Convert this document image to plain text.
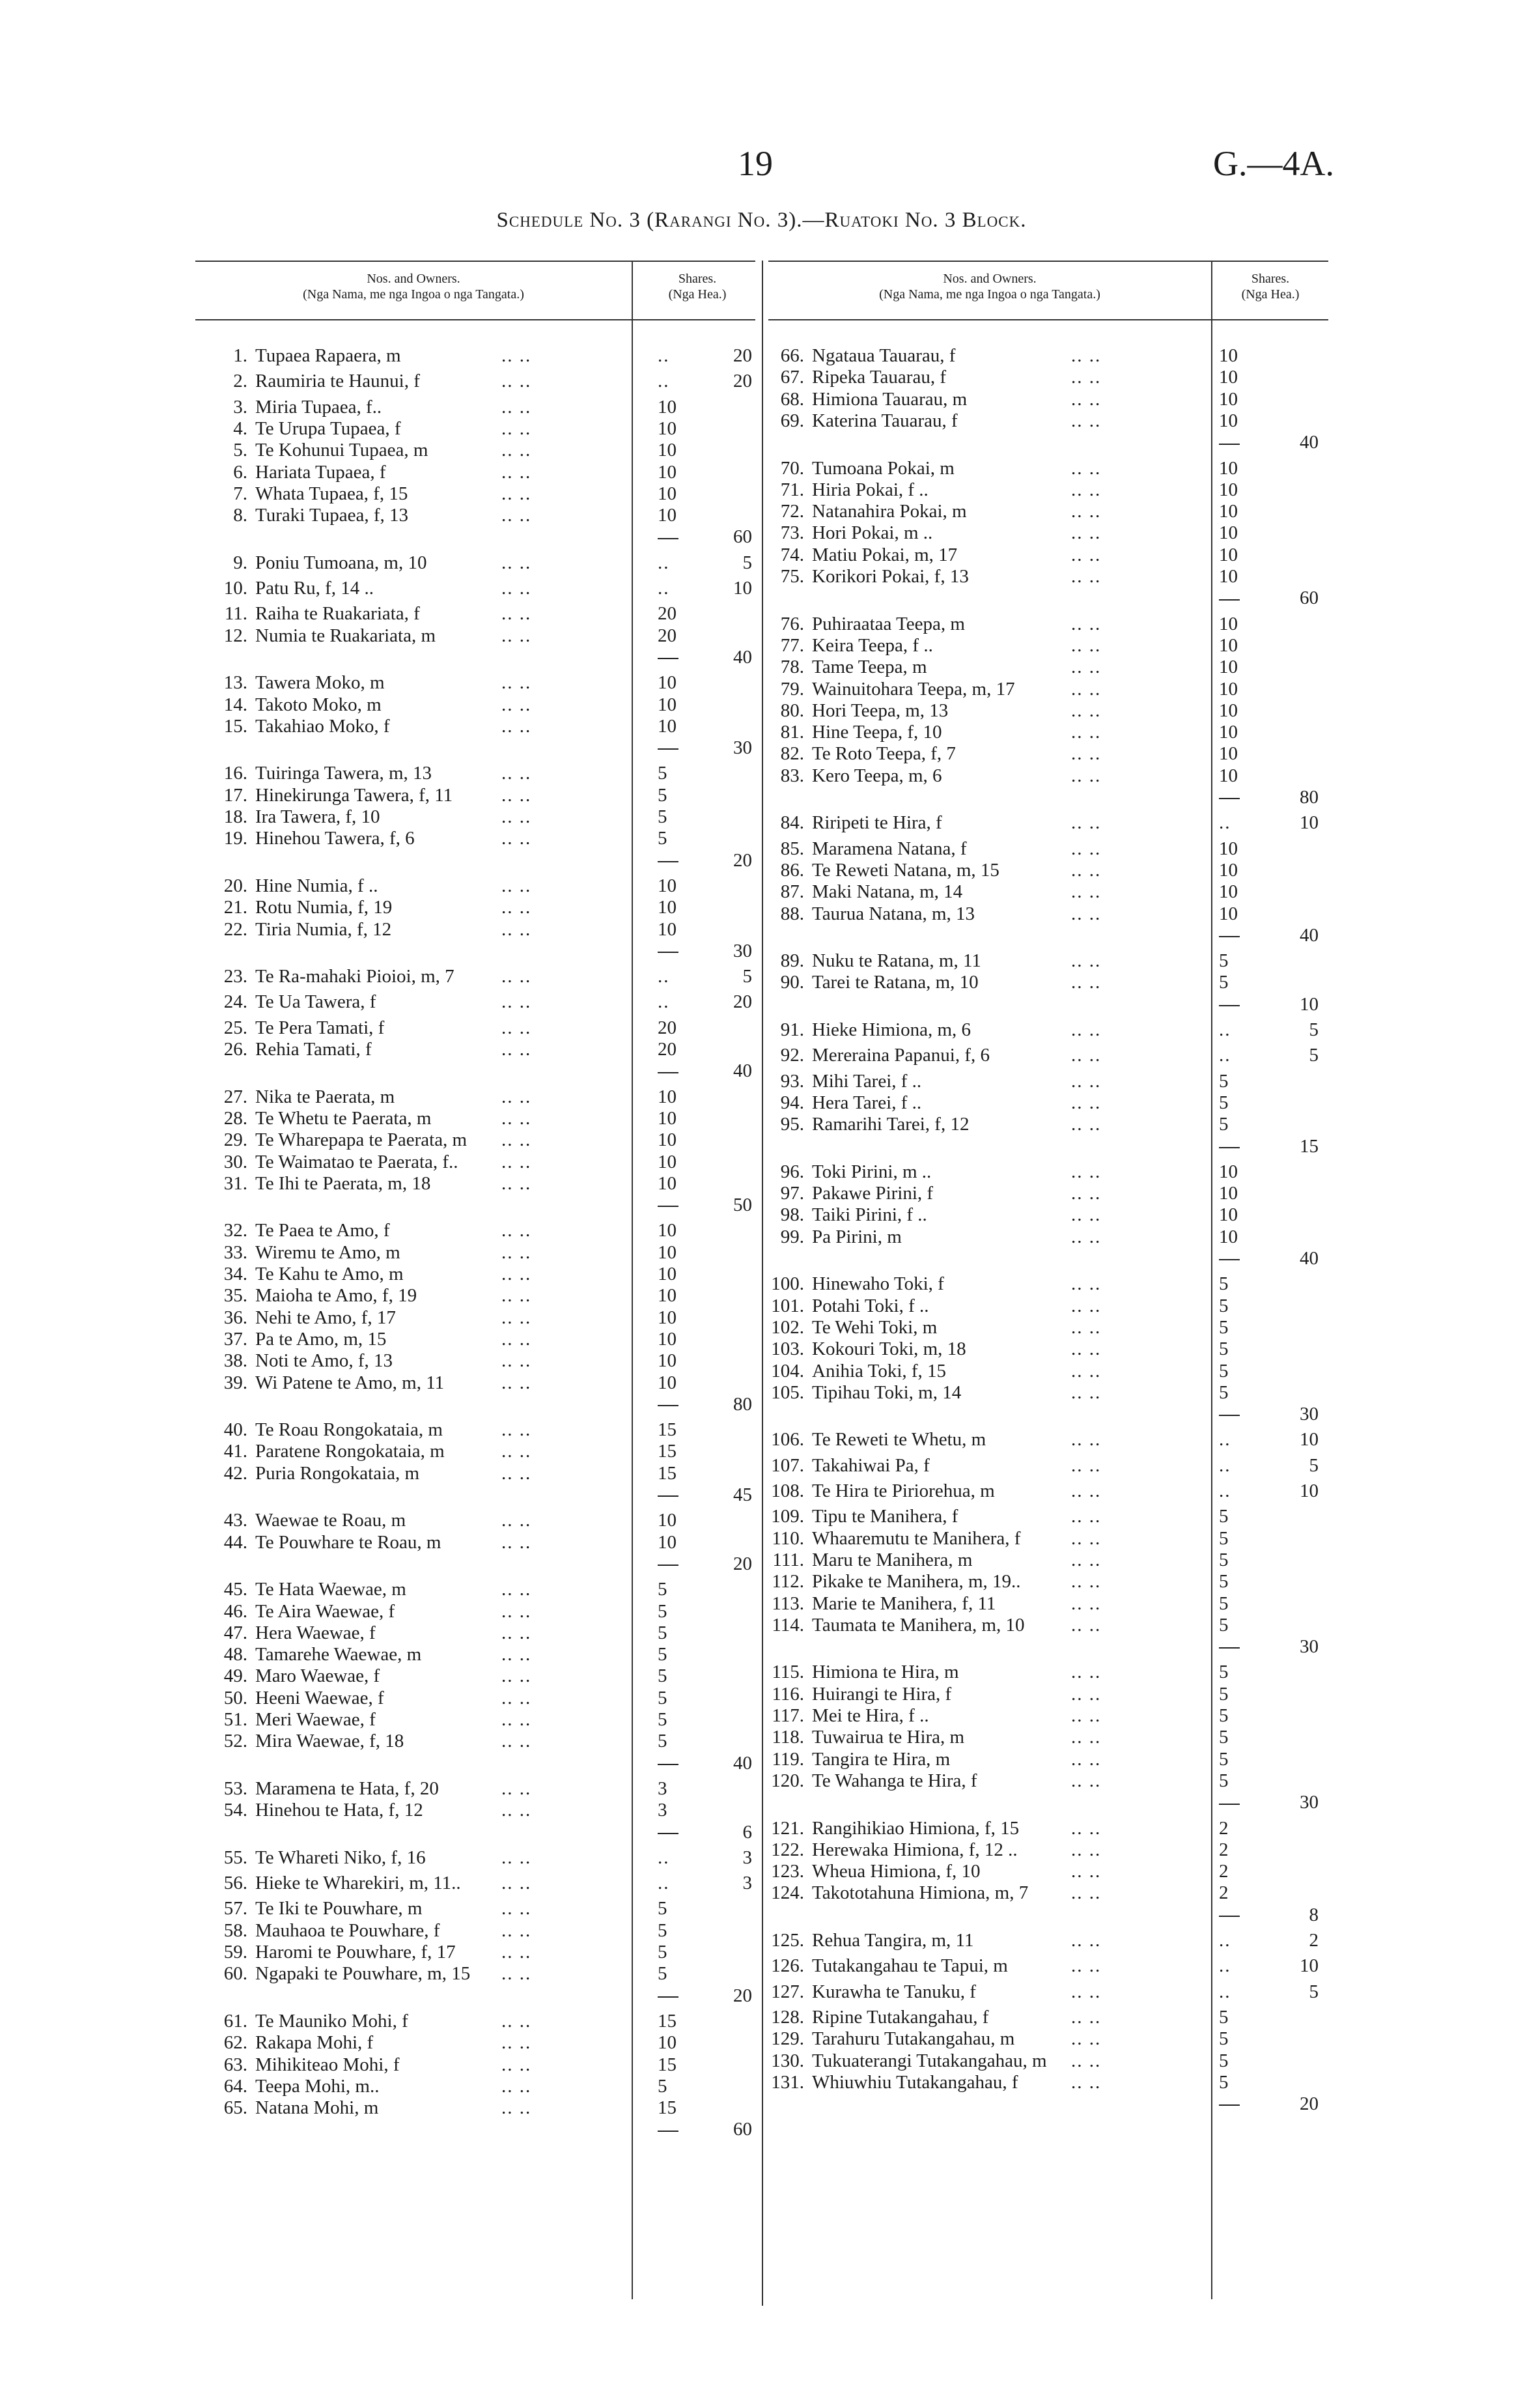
19	G.—4A.
Schedule No. 3 (Rarangi No. 3).—Ruatoki No. 3 Block.
Nos. and Owners.
(Nga Nama, me nga Ingoa o nga Tangata.)
Shares.
(Nga Hea.)
Nos. and Owners.
(Nga Nama, me nga Ingoa o nga Tangata.)
Shares.
(Nga Hea.)
1. Tupaea Rapaera, m	.. ..	..	20
2. Raumiria te Haunui, f	.. ..	..	20
3. Miria Tupaea, f..	.. ..	10
4. Te Urupa Tupaea, f	.. ..	10
5. Te Kohunui Tupaea, m	.. ..	10
6. Hariata Tupaea, f	.. ..	10
7. Whata Tupaea, f, 15	.. ..	10
8. Turaki Tupaea, f, 13	.. ..	10
60
9. Poniu Tumoana, m, 10	.. ..	..	5
10. Patu Ru, f, 14 ..	.. ..	..	10
11. Raiha te Ruakariata, f	.. ..	20
12. Numia te Ruakariata, m	.. ..	20
40
13. Tawera Moko, m	.. ..	10
14. Takoto Moko, m	.. ..	10
15. Takahiao Moko, f	.. ..	10
30
16. Tuiringa Tawera, m, 13	.. ..	5
17. Hinekirunga Tawera, f, 11	.. ..	5
18. Ira Tawera, f, 10	.. ..	5
19. Hinehou Tawera, f, 6	.. ..	5
20
20. Hine Numia, f ..	.. ..	10
21. Rotu Numia, f, 19	.. ..	10
22. Tiria Numia, f, 12	.. ..	10
30
23. Te Ra-mahaki Pioioi, m, 7 .. ..	..	5
24. Te Ua Tawera, f	.. ..	..	20
25. Te Pera Tamati, f	.. ..	20
26. Rehia Tamati, f	.. ..	20
40
27. Nika te Paerata, m	.. ..	10
28. Te Whetu te Paerata, m	.. ..	10
29. Te Wharepapa te Paerata, m .. ..	10
30. Te Waimatao te Paerata, f.. .. ..	10
31. Te Ihi te Paerata, m, 18	.. ..	10
50
32. Te Paea te Amo, f	.. ..	10
33. Wiremu te Amo, m	.. ..	10
34. Te Kahu te Amo, m	.. ..	10
35. Maioha te Amo, f, 19	.. ..	10
36. Nehi te Amo, f, 17	.. ..	10
37. Pa te Amo, m, 15	.. ..	10
38. Noti te Amo, f, 13	.. ..	10
39. Wi Patene te Amo, m, 11	.. ..	10
80
40. Te Roau Rongokataia, m	.. ..	15
41. Paratene Rongokataia, m	.. ..	15
42. Puria Rongokataia, m	.. ..	15
45
43. Waewae te Roau, m	.. ..	10
44. Te Pouwhare te Roau, m	.. ..	10
20
45. Te Hata Waewae, m	.. ..	5
46. Te Aira Waewae, f	.. ..	5
47. Hera Waewae, f	.. ..	5
48. Tamarehe Waewae, m	.. ..	5
49. Maro Waewae, f	.. ..	5
50. Heeni Waewae, f	.. ..	5
51. Meri Waewae, f	.. ..	5
52. Mira Waewae, f, 18	.. ..	5
40
53. Maramena te Hata, f, 20	.. ..	3
54. Hinehou te Hata, f, 12	.. ..	3
6
55. Te Whareti Niko, f, 16	.. ..	..	3
56. Hieke te Wharekiri, m, 11.. .. ..	..	3
57. Te Iki te Pouwhare, m	.. ..	5
58. Mauhaoa te Pouwhare, f	.. ..	5
59. Haromi te Pouwhare, f, 17 .. ..	5
60. Ngapaki te Pouwhare, m, 15 .. ..	5
20
61. Te Mauniko Mohi, f	.. ..	15
62. Rakapa Mohi, f	.. ..	10
63. Mihikiteao Mohi, f	.. ..	15
64. Teepa Mohi, m..	.. ..	5
65. Natana Mohi, m	.. ..	15
60
66. Ngataua Tauarau, f	.. ..	10
67. Ripeka Tauarau, f	.. ..	10
68. Himiona Tauarau, m	.. ..	10
69. Katerina Tauarau, f	.. ..	10
40
70. Tumoana Pokai, m	.. ..	10
71. Hiria Pokai, f ..	.. ..	10
72. Natanahira Pokai, m	.. ..	10
73. Hori Pokai, m ..	.. ..	10
74. Matiu Pokai, m, 17	.. ..	10
75. Korikori Pokai, f, 13	.. ..	10
60
76. Puhiraataa Teepa, m	.. ..	10
77. Keira Teepa, f ..	.. ..	10
78. Tame Teepa, m	.. ..	10
79. Wainuitohara Teepa, m, 17	.. ..	10
80. Hori Teepa, m, 13	.. ..	10
81. Hine Teepa, f, 10	.. ..	10
82. Te Roto Teepa, f, 7	.. ..	10
83. Kero Teepa, m, 6	.. ..	10
80
84. Riripeti te Hira, f	.. ..	..	10
85. Maramena Natana, f	.. ..	10
86. Te Reweti Natana, m, 15	.. ..	10
87. Maki Natana, m, 14	.. ..	10
88. Taurua Natana, m, 13	.. ..	10
40
89. Nuku te Ratana, m, 11	.. ..	5
90. Tarei te Ratana, m, 10	.. ..	5
10
91. Hieke Himiona, m, 6	.. ..	..	5
92. Mereraina Papanui, f, 6	.. ..	..	5
93. Mihi Tarei, f ..	.. ..	5
94. Hera Tarei, f ..	.. ..	5
95. Ramarihi Tarei, f, 12	.. ..	5
15
96. Toki Pirini, m ..	.. ..	10
97. Pakawe Pirini, f	.. ..	10
98. Taiki Pirini, f ..	.. ..	10
99. Pa Pirini, m	.. ..	10
40
100. Hinewaho Toki, f	.. ..	5
101. Potahi Toki, f ..	.. ..	5
102. Te Wehi Toki, m	.. ..	5
103. Kokouri Toki, m, 18	.. ..	5
104. Anihia Toki, f, 15	.. ..	5
105. Tipihau Toki, m, 14	.. ..	5
30
106. Te Reweti te Whetu, m	.. ..	..	10
107. Takahiwai Pa, f	.. ..	..	5
108. Te Hira te Piriorehua, m	.. ..	..	10
109. Tipu te Manihera, f	.. ..	5
110. Whaaremutu te Manihera, f	.. ..	5
111. Maru te Manihera, m	.. ..	5
112. Pikake te Manihera, m, 19..	.. ..	5
113. Marie te Manihera, f, 11	.. ..	5
114. Taumata te Manihera, m, 10 .. ..	5
30
115. Himiona te Hira, m	.. ..	5
116. Huirangi te Hira, f	.. ..	5
117. Mei te Hira, f ..	.. ..	5
118. Tuwairua te Hira, m	.. ..	5
119. Tangira te Hira, m	.. ..	5
120. Te Wahanga te Hira, f	.. ..	5
30
121. Rangihikiao Himiona, f, 15	.. ..	2
122. Herewaka Himiona, f, 12 ..	.. ..	2
123. Wheua Himiona, f, 10	.. ..	2
124. Takototahuna Himiona, m, 7 .. ..	2
8
125. Rehua Tangira, m, 11	.. ..	..	2
126. Tutakangahau te Tapui, m	.. ..	..	10
127. Kurawha te Tanuku, f	.. ..	..	5
128. Ripine Tutakangahau, f	.. ..	5
129. Tarahuru Tutakangahau, m	.. ..	5
130. Tukuaterangi Tutakangahau, m .. ..	5
131. Whiuwhiu Tutakangahau, f	.. ..	5
20
